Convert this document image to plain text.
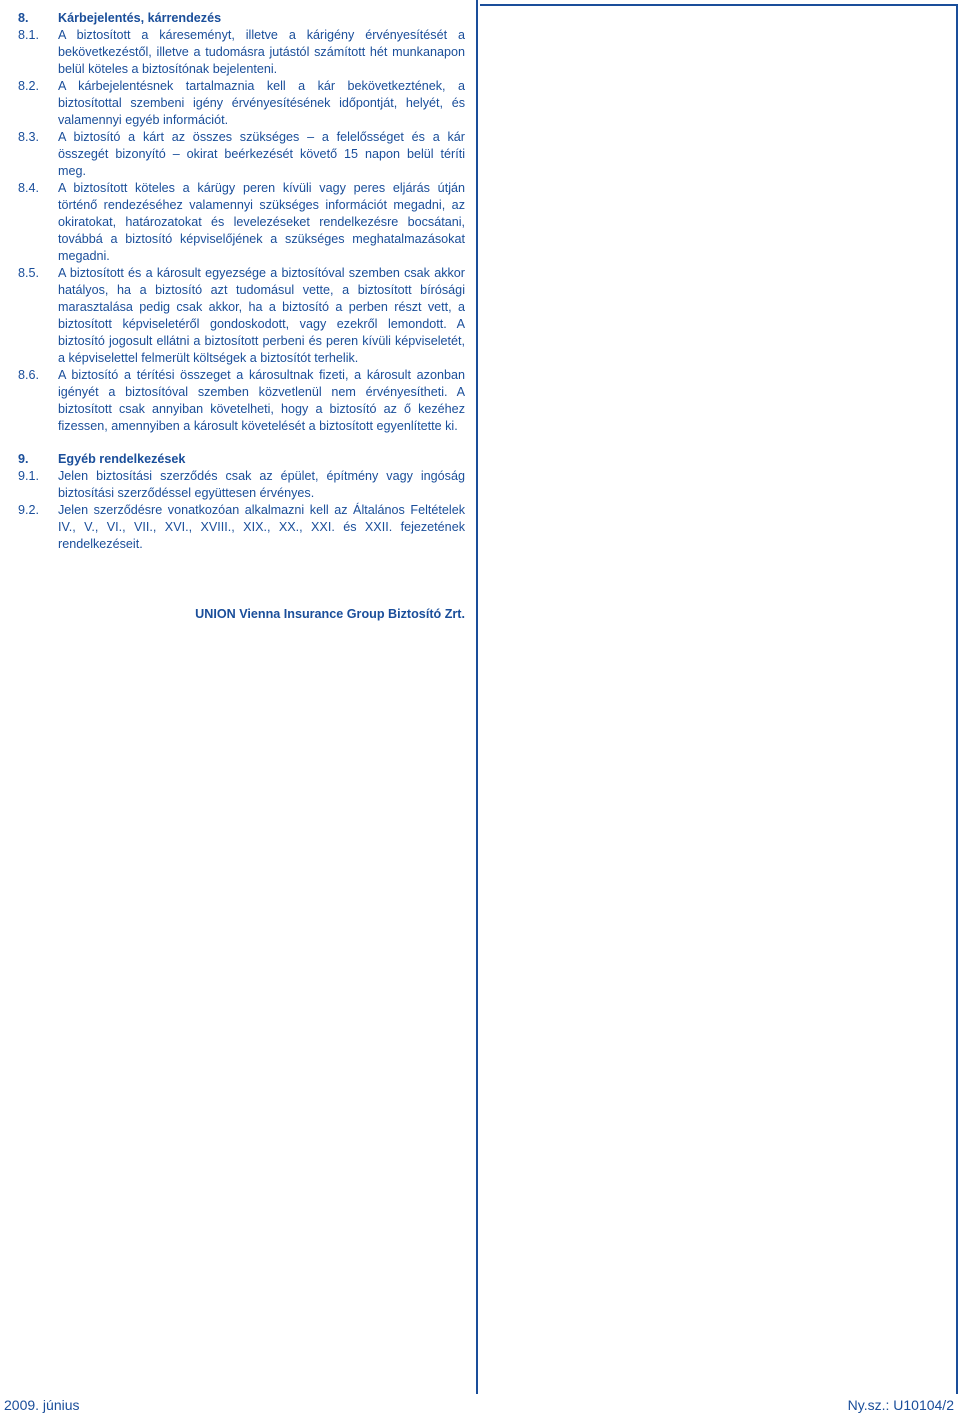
8.	Kárbejelentés, kárrendezés
8.1.	A biztosított a káreseményt, illetve a kárigény érvényesítését a bekövetkezéstől, illetve a tudomásra jutástól számított hét munkanapon belül köteles a biztosítónak bejelenteni.
8.2.	A kárbejelentésnek tartalmaznia kell a kár bekövetkeztének, a biztosítottal szembeni igény érvényesítésének időpontját, helyét, és valamennyi egyéb információt.
8.3.	A biztosító a kárt az összes szükséges – a felelősséget és a kár összegét bizonyító – okirat beérkezését követő 15 napon belül téríti meg.
8.4.	A biztosított köteles a kárügy peren kívüli vagy peres eljárás útján történő rendezéséhez valamennyi szükséges információt megadni, az okiratokat, határozatokat és levelezéseket rendelkezésre bocsátani, továbbá a biztosító képviselőjének a szükséges meghatalmazásokat megadni.
8.5.	A biztosított és a károsult egyezsége a biztosítóval szemben csak akkor hatályos, ha a biztosító azt tudomásul vette, a biztosított bírósági marasztalása pedig csak akkor, ha a biztosító a perben részt vett, a biztosított képviseletéről gondoskodott, vagy ezekről lemondott. A biztosító jogosult ellátni a biztosított perbeni és peren kívüli képviseletét, a képviselettel felmerült költségek a biztosítót terhelik.
8.6.	A biztosító a térítési összeget a károsultnak fizeti, a károsult azonban igényét a biztosítóval szemben közvetlenül nem érvényesítheti. A biztosított csak annyiban követelheti, hogy a biztosító az ő kezéhez fizessen, amennyiben a károsult követelését a biztosított egyenlítette ki.
9.	Egyéb rendelkezések
9.1.	Jelen biztosítási szerződés csak az épület, építmény vagy ingóság biztosítási szerződéssel együttesen érvényes.
9.2.	Jelen szerződésre vonatkozóan alkalmazni kell az Általános Feltételek IV., V., VI., VII., XVI., XVIII., XIX., XX., XXI. és XXII. fejezetének rendelkezéseit.
UNION Vienna Insurance Group Biztosító Zrt.
2009. június	Ny.sz.: U10104/2
